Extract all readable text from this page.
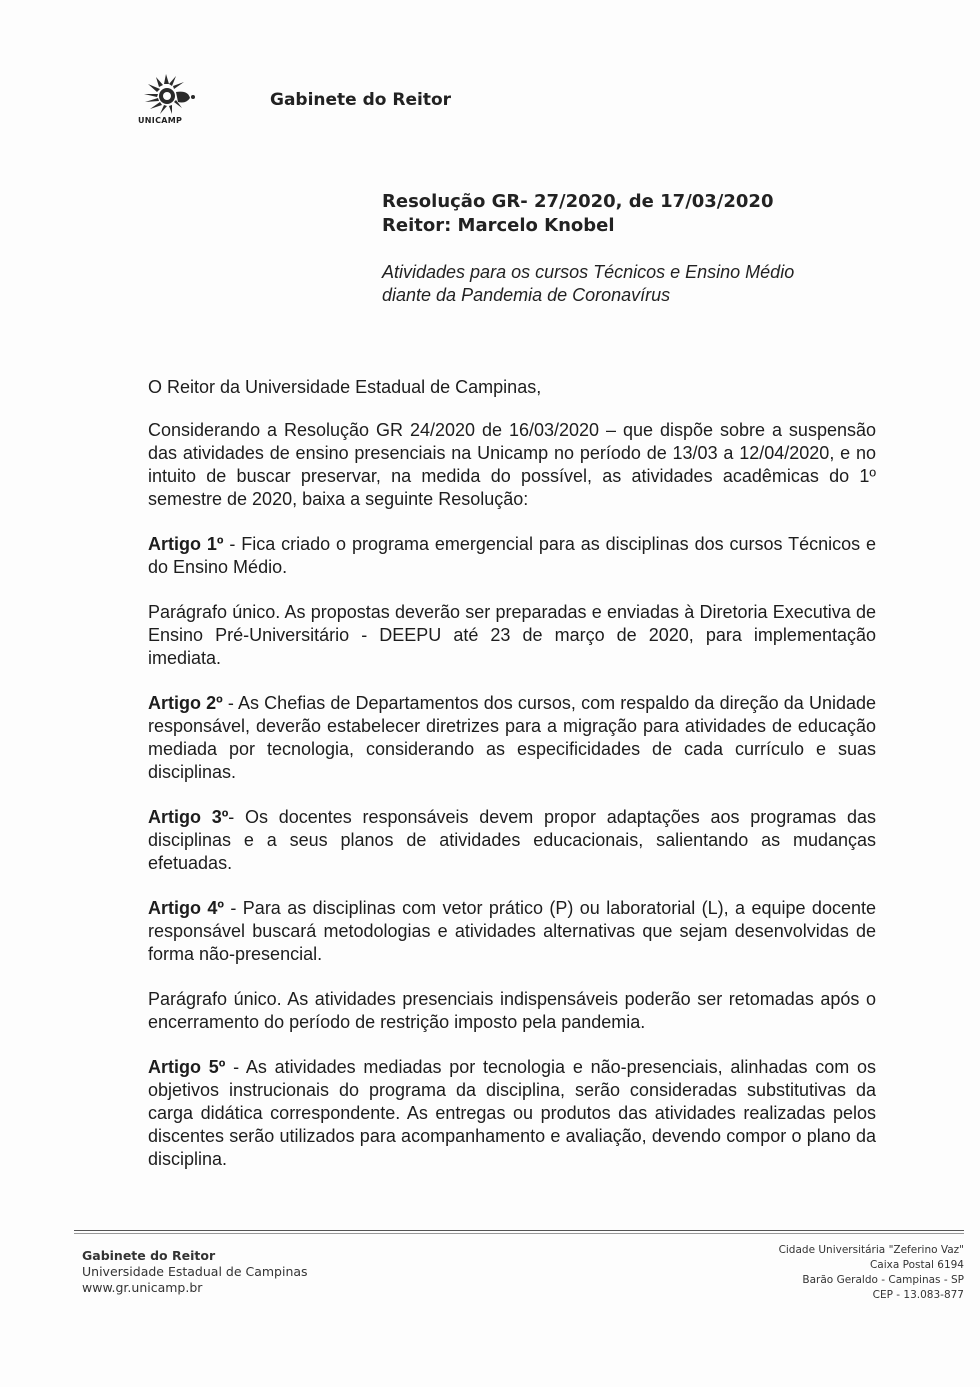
UNICAMP
Gabinete do Reitor
Resolução GR- 27/2020, de 17/03/2020
Reitor: Marcelo Knobel
Atividades para os cursos Técnicos e Ensino Médio
diante da Pandemia de Coronavírus

O Reitor da Universidade Estadual de Campinas,

Considerando a Resolução GR 24/2020 de 16/03/2020 – que dispõe sobre a suspensão das atividades de ensino presenciais na Unicamp no período de 13/03 a 12/04/2020, e no intuito de buscar preservar, na medida do possível, as atividades acadêmicas do 1º semestre de 2020, baixa a seguinte Resolução:

Artigo 1º - Fica criado o programa emergencial para as disciplinas dos cursos Técnicos e do Ensino Médio.

Parágrafo único. As propostas deverão ser preparadas e enviadas à Diretoria Executiva de Ensino Pré-Universitário - DEEPU até 23 de março de 2020, para implementação imediata.

Artigo 2º - As Chefias de Departamentos dos cursos, com respaldo da direção da Unidade responsável, deverão estabelecer diretrizes para a migração para atividades de educação mediada por tecnologia, considerando as especificidades de cada currículo e suas disciplinas.

Artigo 3º- Os docentes responsáveis devem propor adaptações aos programas das disciplinas e a seus planos de atividades educacionais, salientando as mudanças efetuadas.

Artigo 4º - Para as disciplinas com vetor prático (P) ou laboratorial (L), a equipe docente responsável buscará metodologias e atividades alternativas que sejam desenvolvidas de forma não-presencial.

Parágrafo único. As atividades presenciais indispensáveis poderão ser retomadas após o encerramento do período de restrição imposto pela pandemia.

Artigo 5º - As atividades mediadas por tecnologia e não-presenciais, alinhadas com os objetivos instrucionais do programa da disciplina, serão consideradas substitutivas da carga didática correspondente. As entregas ou produtos das atividades realizadas pelos discentes serão utilizados para acompanhamento e avaliação, devendo compor o plano da disciplina.

Gabinete do Reitor
Universidade Estadual de Campinas
www.gr.unicamp.br
Cidade Universitária "Zeferino Vaz"
Caixa Postal 6194
Barão Geraldo - Campinas - SP
CEP - 13.083-877
